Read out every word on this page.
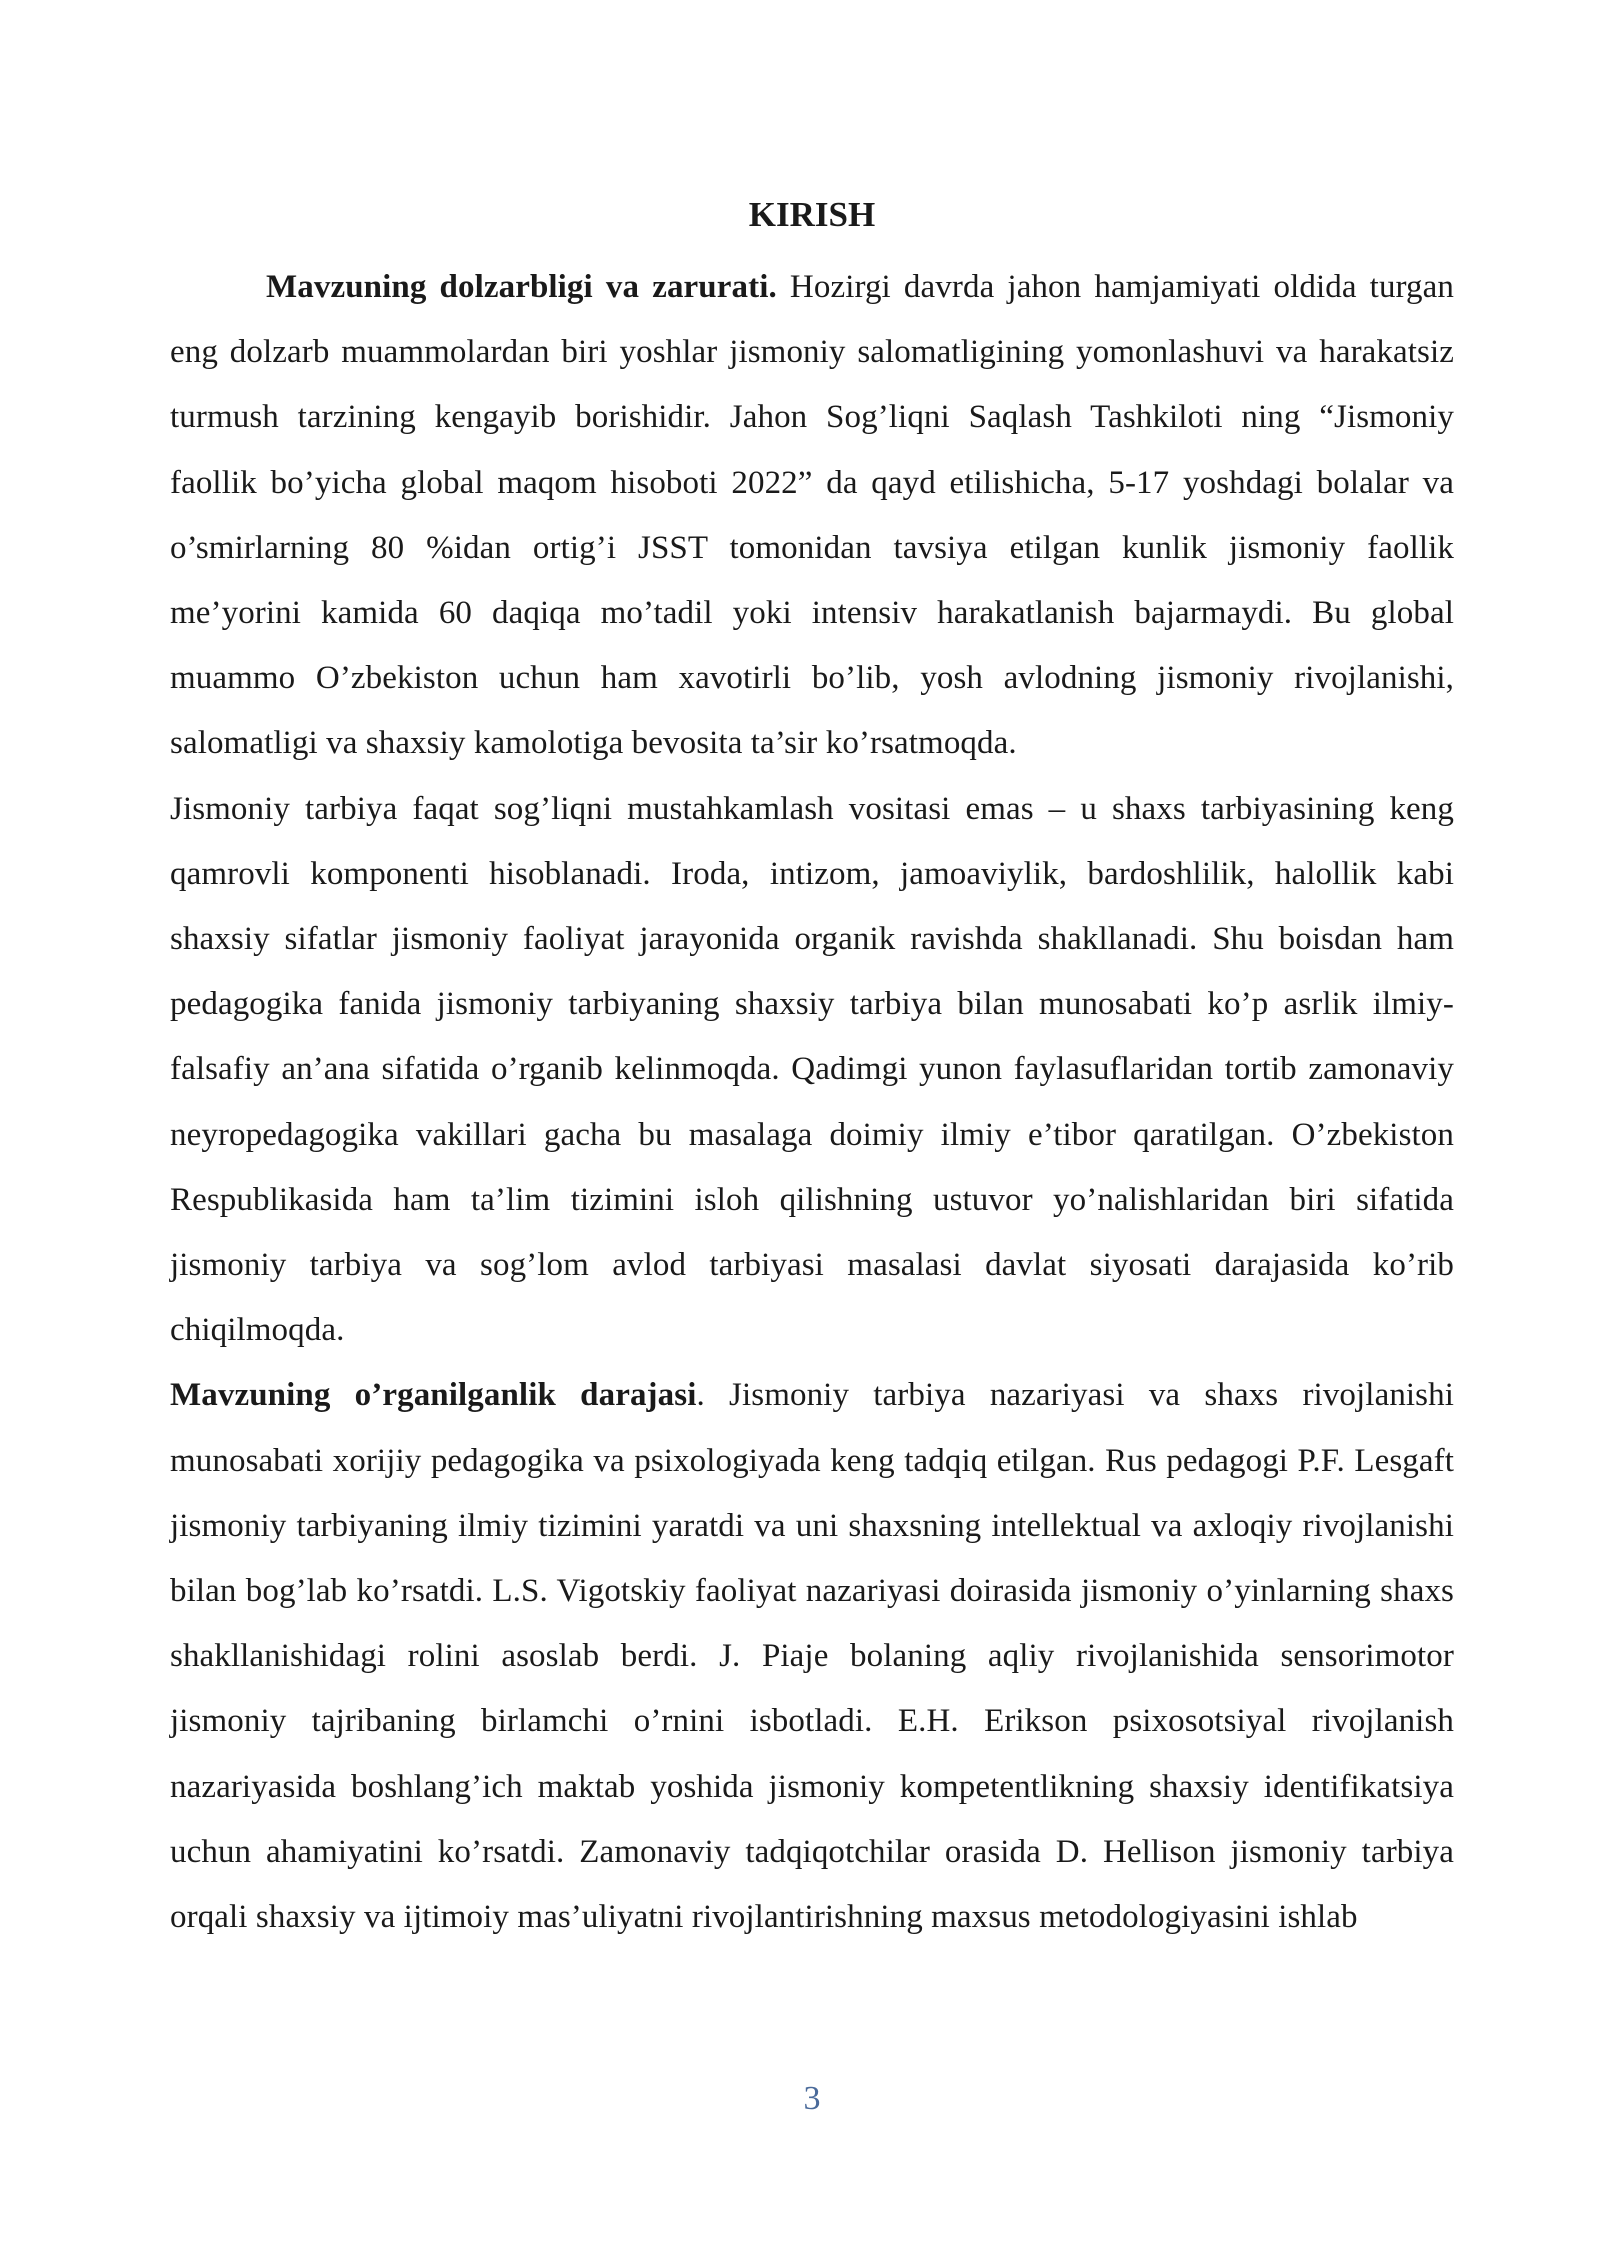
KIRISH

Mavzuning dolzarbligi va zarurati. Hozirgi davrda jahon hamjamiyati oldida turgan eng dolzarb muammolardan biri yoshlar jismoniy salomatligining yomonlashuvi va harakatsiz turmush tarzining kengayib borishidir. Jahon Sog’liqni Saqlash Tashkiloti ning “Jismoniy faollik bo’yicha global maqom hisoboti 2022” da qayd etilishicha, 5-17 yoshdagi bolalar va o’smirlarning 80 %idan ortig’i JSST tomonidan tavsiya etilgan kunlik jismoniy faollik me’yorini kamida 60 daqiqa mo’tadil yoki intensiv harakatlanish bajarmaydi. Bu global muammo O’zbekiston uchun ham xavotirli bo’lib, yosh avlodning jismoniy rivojlanishi, salomatligi va shaxsiy kamolotiga bevosita ta’sir ko’rsatmoqda.

Jismoniy tarbiya faqat sog’liqni mustahkamlash vositasi emas – u shaxs tarbiyasining keng qamrovli komponenti hisoblanadi. Iroda, intizom, jamoaviylik, bardoshlilik, halollik kabi shaxsiy sifatlar jismoniy faoliyat jarayonida organik ravishda shakllanadi. Shu boisdan ham pedagogika fanida jismoniy tarbiyaning shaxsiy tarbiya bilan munosabati ko’p asrlik ilmiy-falsafiy an’ana sifatida o’rganib kelinmoqda. Qadimgi yunon faylasuflaridan tortib zamonaviy neyropedagogika vakillari gacha bu masalaga doimiy ilmiy e’tibor qaratilgan. O’zbekiston Respublikasida ham ta’lim tizimini isloh qilishning ustuvor yo’nalishlaridan biri sifatida jismoniy tarbiya va sog’lom avlod tarbiyasi masalasi davlat siyosati darajasida ko’rib chiqilmoqda.

Mavzuning o’rganilganlik darajasi. Jismoniy tarbiya nazariyasi va shaxs rivojlanishi munosabati xorijiy pedagogika va psixologiyada keng tadqiq etilgan. Rus pedagogi P.F. Lesgaft jismoniy tarbiyaning ilmiy tizimini yaratdi va uni shaxsning intellektual va axloqiy rivojlanishi bilan bog’lab ko’rsatdi. L.S. Vigotskiy faoliyat nazariyasi doirasida jismoniy o’yinlarning shaxs shakllanishidagi rolini asoslab berdi. J. Piaje bolaning aqliy rivojlanishida sensorimotor jismoniy tajribaning birlamchi o’rnini isbotladi. E.H. Erikson psixosotsiyal rivojlanish nazariyasida boshlang’ich maktab yoshida jismoniy kompetentlikning shaxsiy identifikatsiya uchun ahamiyatini ko’rsatdi. Zamonaviy tadqiqotchilar orasida D. Hellison jismoniy tarbiya orqali shaxsiy va ijtimoiy mas’uliyatni rivojlantirishning maxsus metodologiyasini ishlab

3
